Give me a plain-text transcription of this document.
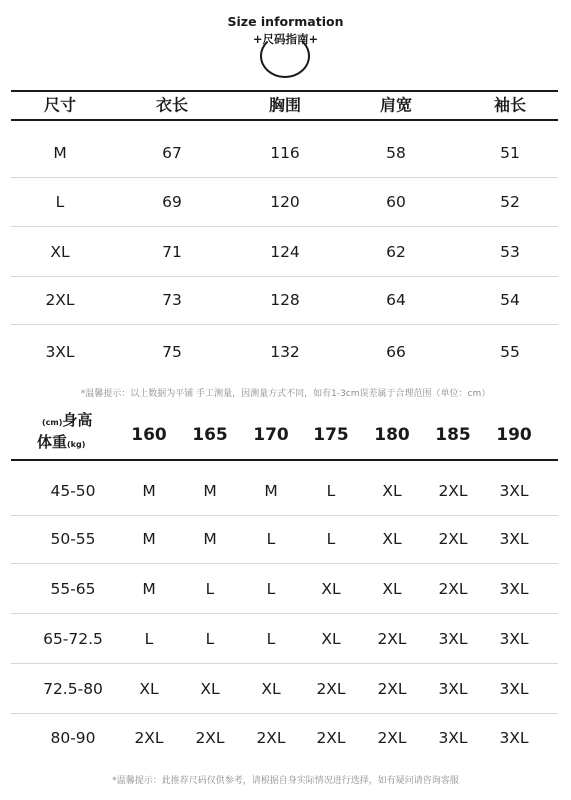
Size information
+尺码指南+
尺寸	衣长	胸围	肩宽	袖长
M	67	116	58	51
L	69	120	60	52
XL	71	124	62	53
2XL	73	128	64	54
3XL	75	132	66	55
*温馨提示：以上数据为平铺 手工测量，因测量方式不同，如有1-3cm误差属于合理范围（单位：cm）
(cm)身高
体重(kg)	160 165 170 175 180 185 190
45-50	M	M	M	L	XL 2XL 3XL
50-55	M	M	L	L	XL 2XL 3XL
55-65	M	L	L	XL	XL 2XL 3XL
65-72.5	L	L	L	XL 2XL 3XL 3XL
72.5-80 XL	XL	XL 2XL 2XL 3XL 3XL
80-90	2XL 2XL 2XL 2XL 2XL 3XL 3XL
*温馨提示：此推荐尺码仅供参考，请根据自身实际情况进行选择，如有疑问请咨询客服
